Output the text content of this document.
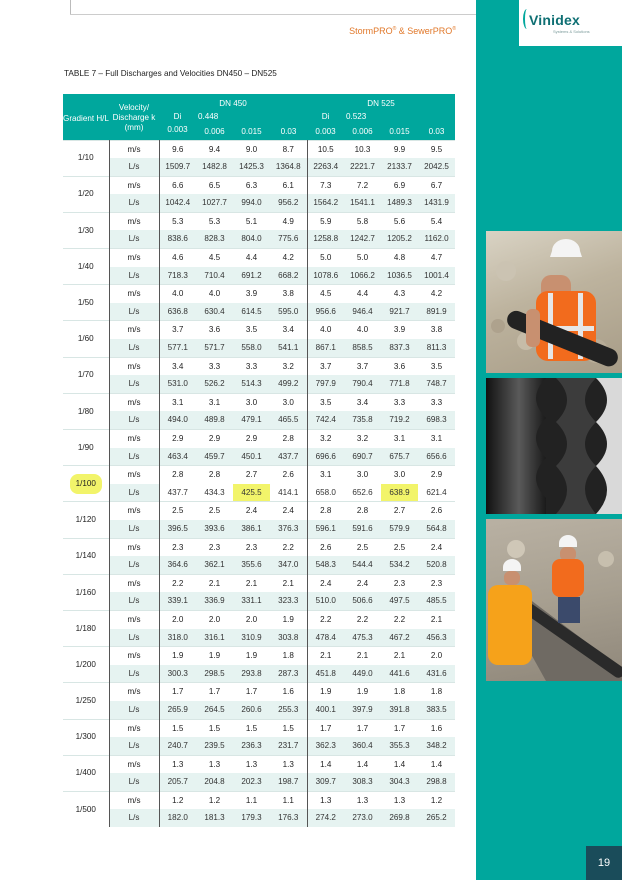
StormPRO® & SewerPRO®
Vinidex
Systems & Solutions
19
TABLE 7 – Full Discharges and Velocities DN450 – DN525
Gradient H/L	Velocity/ Discharge k (mm)	DN 450				DN 525			
		Di	0.448			Di	0.523		
		0.003	0.006	0.015	0.03	0.003	0.006	0.015	0.03
1/10	m/s	9.6	9.4	9.0	8.7	10.5	10.3	9.9	9.5
	L/s	1509.7	1482.8	1425.3	1364.8	2263.4	2221.7	2133.7	2042.5
1/20	m/s	6.6	6.5	6.3	6.1	7.3	7.2	6.9	6.7
	L/s	1042.4	1027.7	994.0	956.2	1564.2	1541.1	1489.3	1431.9
1/30	m/s	5.3	5.3	5.1	4.9	5.9	5.8	5.6	5.4
	L/s	838.6	828.3	804.0	775.6	1258.8	1242.7	1205.2	1162.0
1/40	m/s	4.6	4.5	4.4	4.2	5.0	5.0	4.8	4.7
	L/s	718.3	710.4	691.2	668.2	1078.6	1066.2	1036.5	1001.4
1/50	m/s	4.0	4.0	3.9	3.8	4.5	4.4	4.3	4.2
	L/s	636.8	630.4	614.5	595.0	956.6	946.4	921.7	891.9
1/60	m/s	3.7	3.6	3.5	3.4	4.0	4.0	3.9	3.8
	L/s	577.1	571.7	558.0	541.1	867.1	858.5	837.3	811.3
1/70	m/s	3.4	3.3	3.3	3.2	3.7	3.7	3.6	3.5
	L/s	531.0	526.2	514.3	499.2	797.9	790.4	771.8	748.7
1/80	m/s	3.1	3.1	3.0	3.0	3.5	3.4	3.3	3.3
	L/s	494.0	489.8	479.1	465.5	742.4	735.8	719.2	698.3
1/90	m/s	2.9	2.9	2.9	2.8	3.2	3.2	3.1	3.1
	L/s	463.4	459.7	450.1	437.7	696.6	690.7	675.7	656.6
1/100	m/s	2.8	2.8	2.7	2.6	3.1	3.0	3.0	2.9
	L/s	437.7	434.3	425.5	414.1	658.0	652.6	638.9	621.4
1/120	m/s	2.5	2.5	2.4	2.4	2.8	2.8	2.7	2.6
	L/s	396.5	393.6	386.1	376.3	596.1	591.6	579.9	564.8
1/140	m/s	2.3	2.3	2.3	2.2	2.6	2.5	2.5	2.4
	L/s	364.6	362.1	355.6	347.0	548.3	544.4	534.2	520.8
1/160	m/s	2.2	2.1	2.1	2.1	2.4	2.4	2.3	2.3
	L/s	339.1	336.9	331.1	323.3	510.0	506.6	497.5	485.5
1/180	m/s	2.0	2.0	2.0	1.9	2.2	2.2	2.2	2.1
	L/s	318.0	316.1	310.9	303.8	478.4	475.3	467.2	456.3
1/200	m/s	1.9	1.9	1.9	1.8	2.1	2.1	2.1	2.0
	L/s	300.3	298.5	293.8	287.3	451.8	449.0	441.6	431.6
1/250	m/s	1.7	1.7	1.7	1.6	1.9	1.9	1.8	1.8
	L/s	265.9	264.5	260.6	255.3	400.1	397.9	391.8	383.5
1/300	m/s	1.5	1.5	1.5	1.5	1.7	1.7	1.7	1.6
	L/s	240.7	239.5	236.3	231.7	362.3	360.4	355.3	348.2
1/400	m/s	1.3	1.3	1.3	1.3	1.4	1.4	1.4	1.4
	L/s	205.7	204.8	202.3	198.7	309.7	308.3	304.3	298.8
1/500	m/s	1.2	1.2	1.1	1.1	1.3	1.3	1.3	1.2
	L/s	182.0	181.3	179.3	176.3	274.2	273.0	269.8	265.2
